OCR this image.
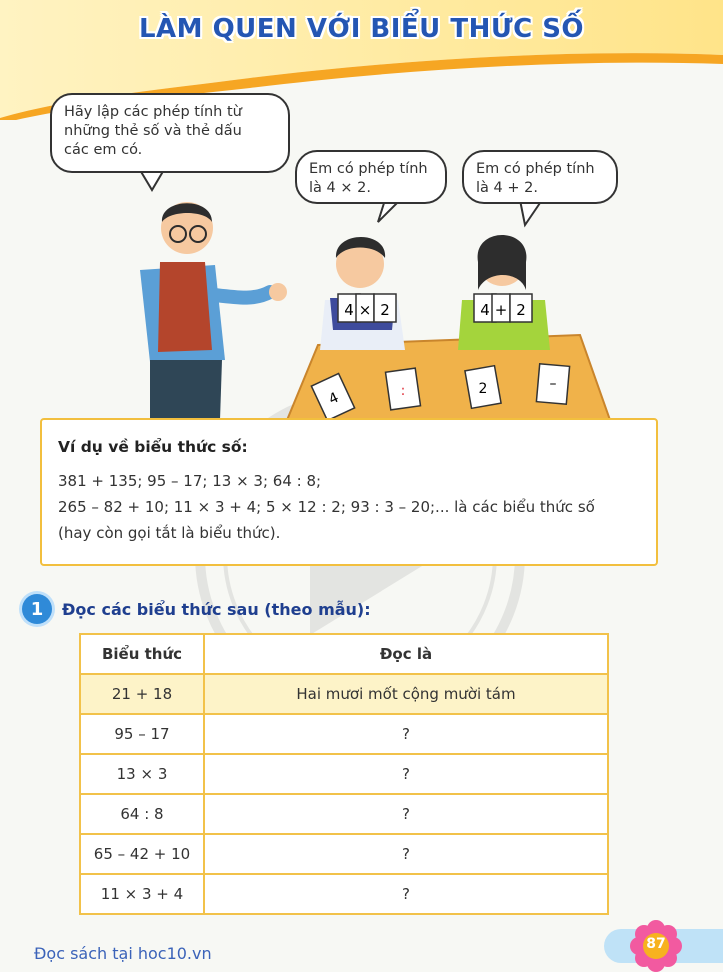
LÀM QUEN VỚI BIỂU THỨC SỐ
4 × 2	4 + 2
4	:	2	–
Hãy lập các phép tính từ
những thẻ số và thẻ dấu
các em có.
Em có phép tính
là 4 × 2.
Em có phép tính
là 4 + 2.
Ví dụ về biểu thức số:
381 + 135; 95 – 17; 13 × 3; 64 : 8;
265 – 82 + 10; 11 × 3 + 4; 5 × 12 : 2; 93 : 3 – 20;... là các biểu thức số
(hay còn gọi tắt là biểu thức).
1	Đọc các biểu thức sau (theo mẫu):
Biểu thức	Đọc là
21 + 18	Hai mươi mốt cộng mười tám
95 – 17	?
13 × 3	?
64 : 8	?
65 – 42 + 10	?
11 × 3 + 4	?
Đọc sách tại hoc10.vn	87
